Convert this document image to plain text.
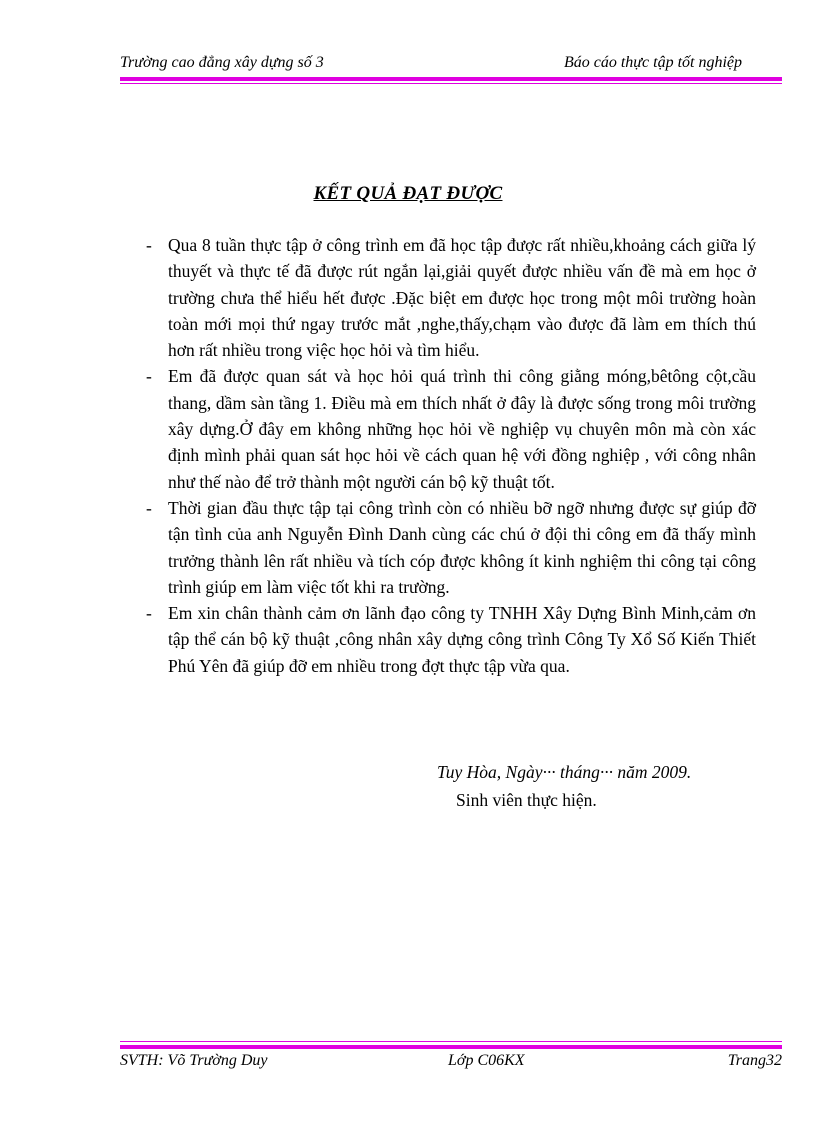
Trường cao đẳng xây dựng số 3	Báo cáo thực tập tốt nghiệp
KẾT QUẢ ĐẠT ĐƯỢC
- Qua 8 tuần thực tập ở công trình em đã học tập được rất nhiều,khoảng cách giữa lý thuyết và thực tế đã được rút ngắn lại,giải quyết được nhiều vấn đề mà em học ở trường chưa thể hiểu hết được .Đặc biệt em được học trong một môi trường hoàn toàn mới mọi thứ ngay trước mắt ,nghe,thấy,chạm vào được đã làm em thích thú hơn rất nhiều trong việc học hỏi và tìm hiểu.
- Em đã được quan sát và học hỏi quá trình thi công giằng móng,bêtông cột,cầu thang, dầm sàn tầng 1. Điều mà em thích nhất ở đây là được sống trong môi trường xây dựng.Ở đây em không những học hỏi về nghiệp vụ chuyên môn mà còn xác định mình phải quan sát học hỏi về cách quan hệ với đồng nghiệp , với công nhân như thế nào để trở thành một người cán bộ kỹ thuật tốt.
- Thời gian đầu thực tập tại công trình còn có nhiều bỡ ngỡ nhưng được sự giúp đỡ tận tình của anh Nguyễn Đình Danh cùng các chú ở đội thi công em đã thấy mình trưởng thành lên rất nhiều và tích cóp được không ít kinh nghiệm thi công tại công trình giúp em làm việc tốt khi ra trường.
- Em xin chân thành cảm ơn lãnh đạo công ty TNHH Xây Dựng Bình Minh,cảm ơn tập thể cán bộ kỹ thuật ,công nhân xây dựng công trình Công Ty Xổ Số Kiến Thiết Phú Yên đã giúp đỡ em nhiều trong đợt thực tập vừa qua.
Tuy Hòa, Ngày··· tháng··· năm 2009.
Sinh viên thực hiện.
SVTH: Võ Trường Duy	Lớp C06KX	Trang32
